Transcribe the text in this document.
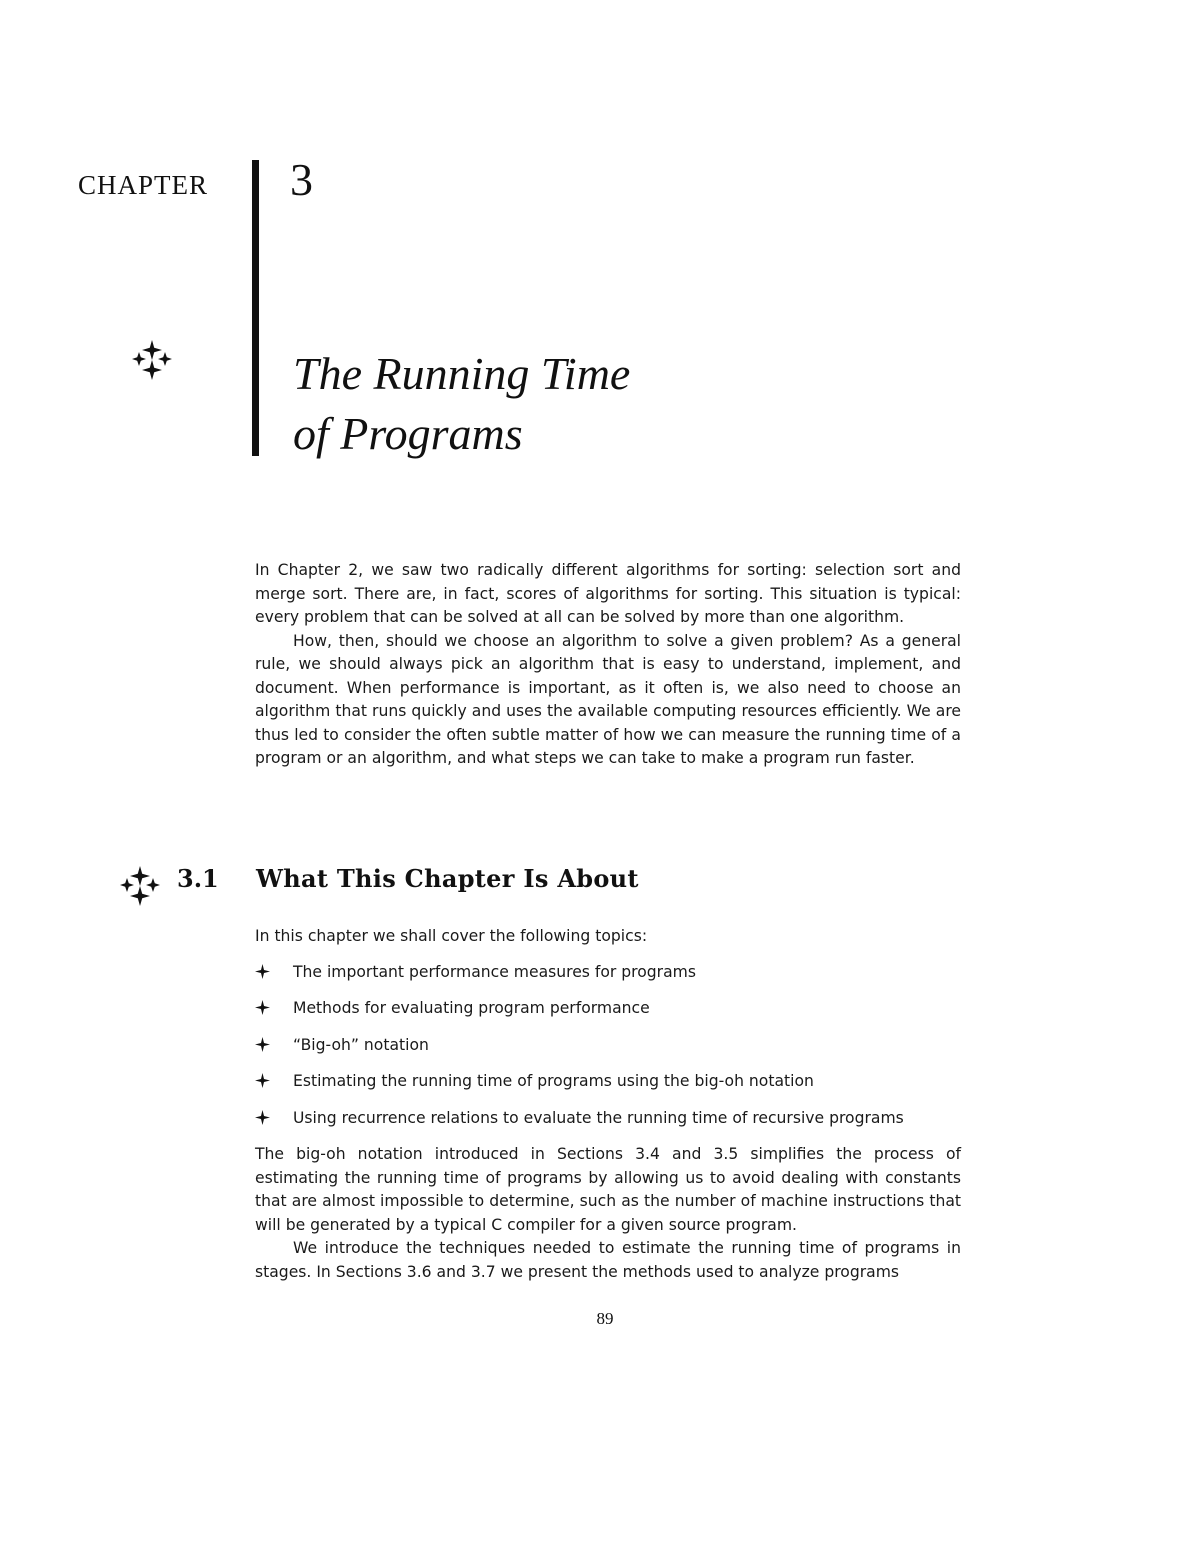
CHAPTER 3
The Running Time
of Programs

In Chapter 2, we saw two radically different algorithms for sorting: selection sort and merge sort. There are, in fact, scores of algorithms for sorting. This situation is typical: every problem that can be solved at all can be solved by more than one algorithm.

How, then, should we choose an algorithm to solve a given problem? As a general rule, we should always pick an algorithm that is easy to understand, implement, and document. When performance is important, as it often is, we also need to choose an algorithm that runs quickly and uses the available computing resources efficiently. We are thus led to consider the often subtle matter of how we can measure the running time of a program or an algorithm, and what steps we can take to make a program run faster.

3.1 What This Chapter Is About

In this chapter we shall cover the following topics:

The important performance measures for programs
Methods for evaluating program performance
“Big-oh” notation
Estimating the running time of programs using the big-oh notation
Using recurrence relations to evaluate the running time of recursive programs

The big-oh notation introduced in Sections 3.4 and 3.5 simplifies the process of estimating the running time of programs by allowing us to avoid dealing with constants that are almost impossible to determine, such as the number of machine instructions that will be generated by a typical C compiler for a given source program.

We introduce the techniques needed to estimate the running time of programs in stages. In Sections 3.6 and 3.7 we present the methods used to analyze programs

89
